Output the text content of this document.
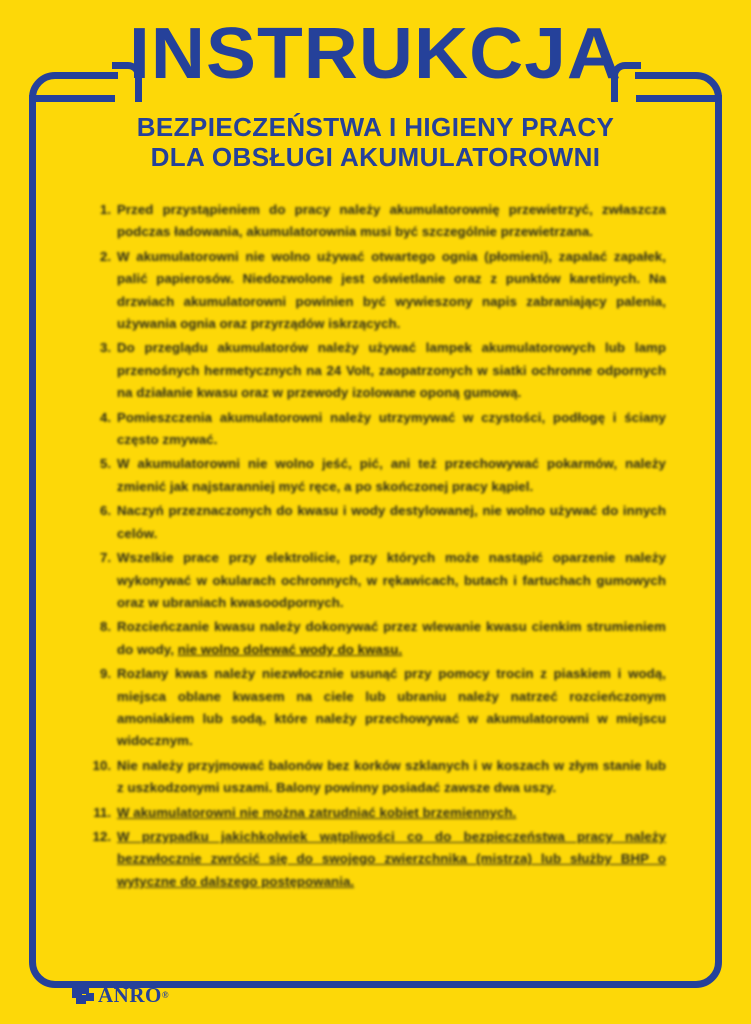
INSTRUKCJA
BEZPIECZEŃSTWA I HIGIENY PRACY
DLA OBSŁUGI AKUMULATOROWNI
1. Przed przystąpieniem do pracy należy akumulatorownię przewietrzyć, zwłaszcza podczas ładowania, akumulatorownia musi być szczególnie przewietrzana.
2. W akumulatorowni nie wolno używać otwartego ognia (płomieni), zapalać zapałek, palić papierosów. Niedozwolone jest oświetlanie oraz z punktów karetinych. Na drzwiach akumulatorowni powinien być wywieszony napis zabraniający palenia, używania ognia oraz przyrządów iskrzących.
3. Do przeglądu akumulatorów należy używać lampek akumulatorowych lub lamp przenośnych hermetycznych na 24 Volt, zaopatrzonych w siatki ochronne odpornych na działanie kwasu oraz w przewody izolowane oponą gumową.
4. Pomieszczenia akumulatorowni należy utrzymywać w czystości, podłogę i ściany często zmywać.
5. W akumulatorowni nie wolno jeść, pić, ani też przechowywać pokarmów, należy zmienić jak najstaranniej myć ręce, a po skończonej pracy kąpiel.
6. Naczyń przeznaczonych do kwasu i wody destylowanej, nie wolno używać do innych celów.
7. Wszelkie prace przy elektrolicie, przy których może nastąpić oparzenie należy wykonywać w okularach ochronnych, w rękawicach, butach i fartuchach gumowych oraz w ubraniach kwasoodpornych.
8. Rozcieńczanie kwasu należy dokonywać przez wlewanie kwasu cienkim strumieniem do wody, nie wolno dolewać wody do kwasu.
9. Rozlany kwas należy niezwłocznie usunąć przy pomocy trocin z piaskiem i wodą, miejsca oblane kwasem na ciele lub ubraniu należy natrzeć rozcieńczonym amoniakiem lub sodą, które należy przechowywać w akumulatorowni w miejscu widocznym.
10. Nie należy przyjmować balonów bez korków szklanych i w koszach w złym stanie lub z uszkodzonymi uszami. Balony powinny posiadać zawsze dwa uszy.
11. W akumulatorowni nie można zatrudniać kobiet brzemiennych.
12. W przypadku jakichkolwiek wątpliwości co do bezpieczeństwa pracy należy bezzwłocznie zwrócić się do swojego zwierzchnika (mistrza) lub służby BHP o wytyczne do dalszego postępowania.
ANRO ®
